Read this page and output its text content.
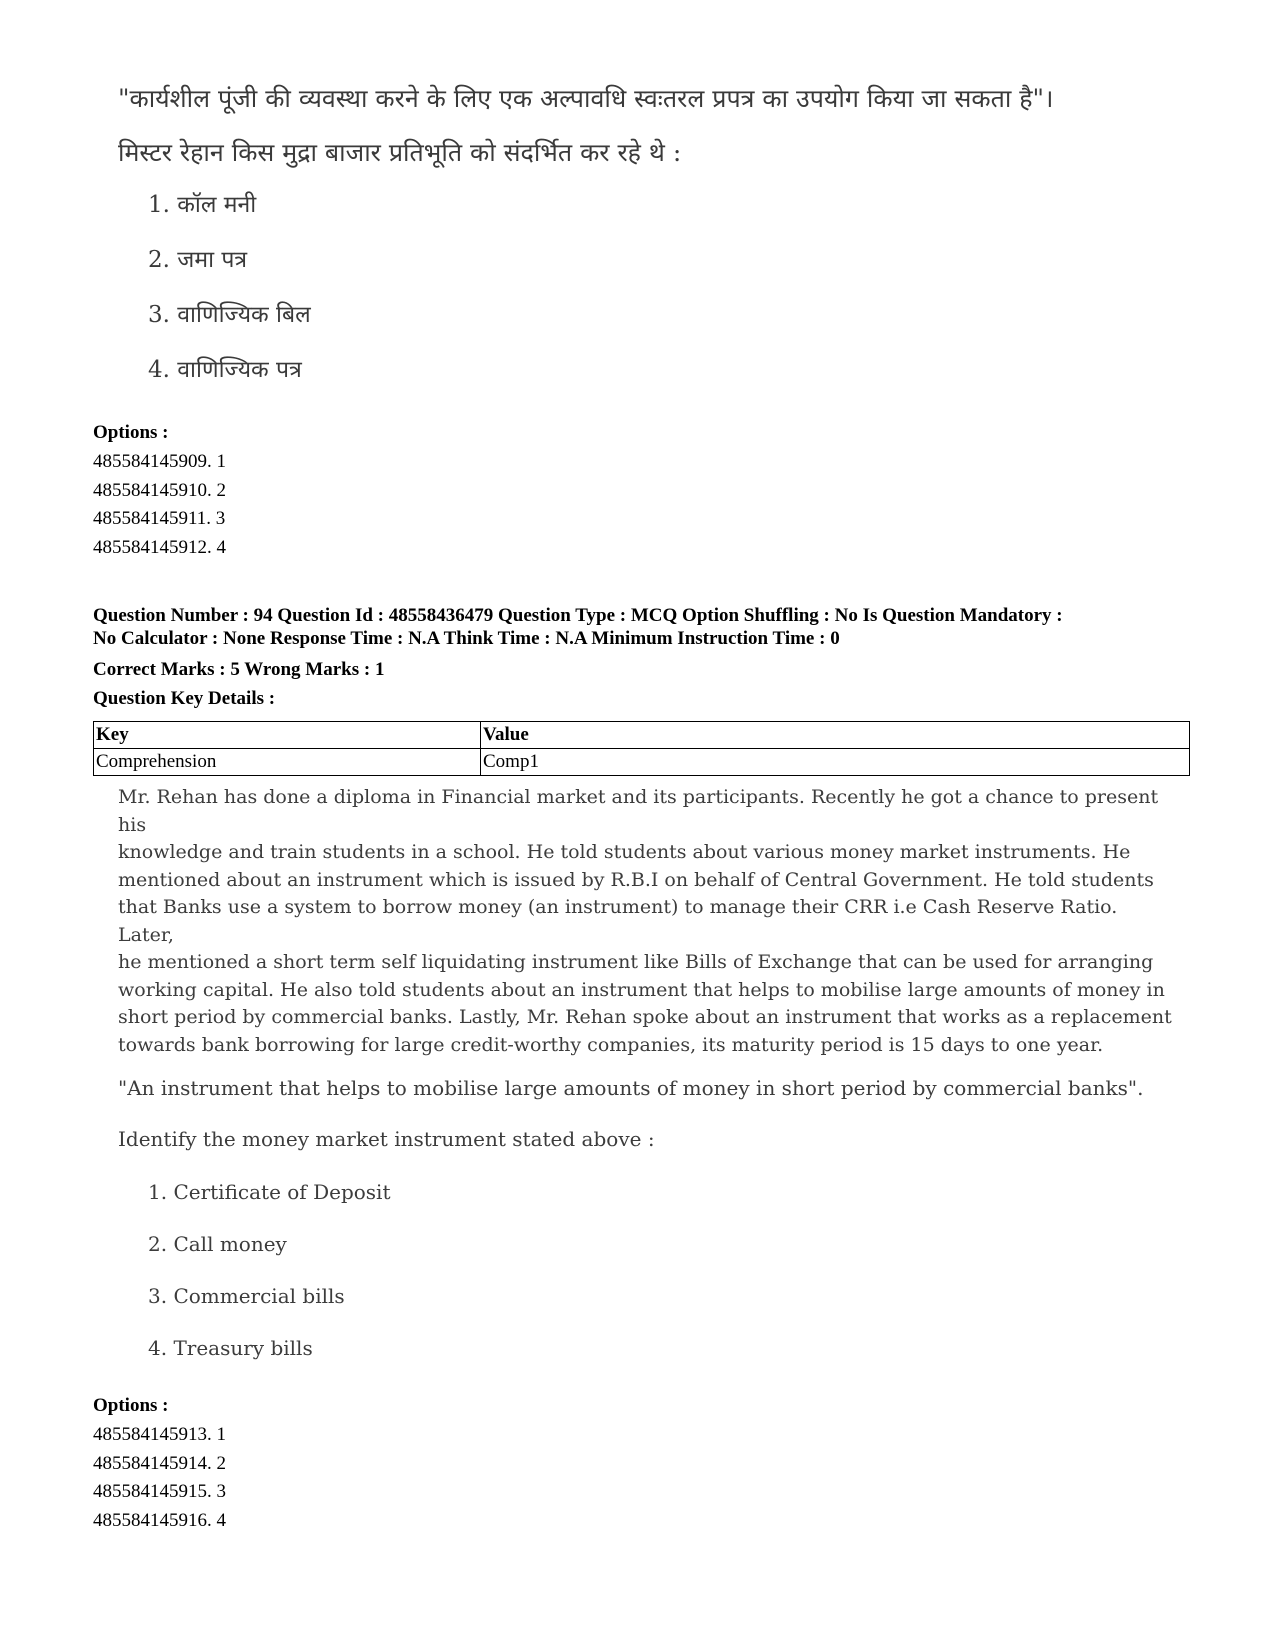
"कार्यशील पूंजी की व्यवस्था करने के लिए एक अल्पावधि स्वःतरल प्रपत्र का उपयोग किया जा सकता है"।

मिस्टर रेहान किस मुद्रा बाजार प्रतिभूति को संदर्भित कर रहे थे :

1. कॉल मनी

2. जमा पत्र

3. वाणिज्यिक बिल

4. वाणिज्यिक पत्र

Options :
485584145909. 1
485584145910. 2
485584145911. 3
485584145912. 4
Question Number : 94 Question Id : 48558436479 Question Type : MCQ Option Shuffling : No Is Question Mandatory :
No Calculator : None Response Time : N.A Think Time : N.A Minimum Instruction Time : 0
Correct Marks : 5 Wrong Marks : 1
Question Key Details :
Key	Value
Comprehension	Comp1

Mr. Rehan has done a diploma in Financial market and its participants. Recently he got a chance to present his

knowledge and train students in a school. He told students about various money market instruments. He

mentioned about an instrument which is issued by R.B.I on behalf of Central Government. He told students

that Banks use a system to borrow money (an instrument) to manage their CRR i.e Cash Reserve Ratio. Later,

he mentioned a short term self liquidating instrument like Bills of Exchange that can be used for arranging

working capital. He also told students about an instrument that helps to mobilise large amounts of money in

short period by commercial banks. Lastly, Mr. Rehan spoke about an instrument that works as a replacement

towards bank borrowing for large credit-worthy companies, its maturity period is 15 days to one year.

"An instrument that helps to mobilise large amounts of money in short period by commercial banks".

Identify the money market instrument stated above :

1. Certificate of Deposit

2. Call money

3. Commercial bills

4. Treasury bills

Options :
485584145913. 1
485584145914. 2
485584145915. 3
485584145916. 4
